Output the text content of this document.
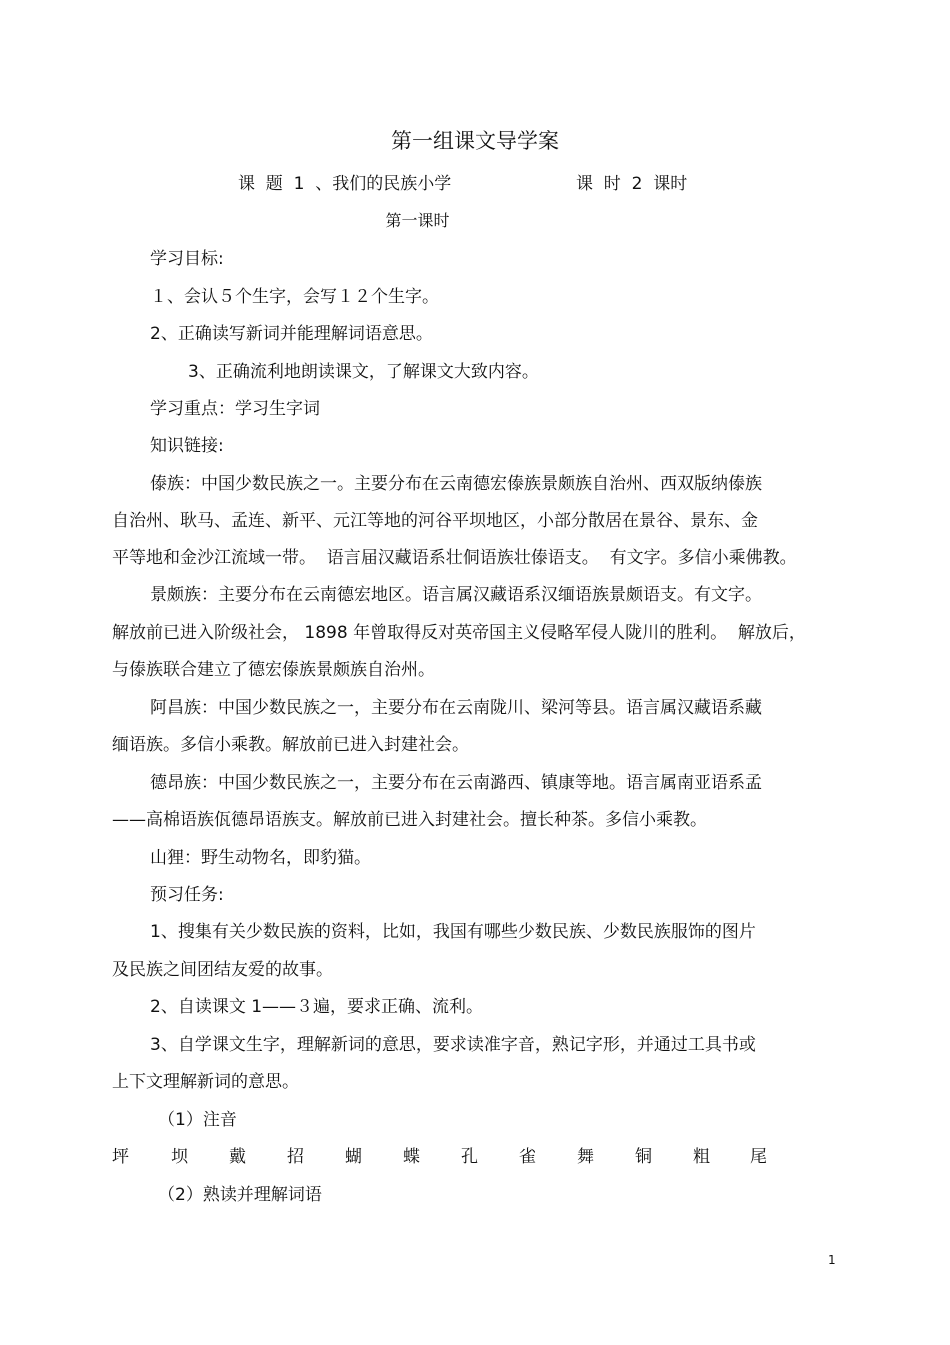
第一组课文导学案
课  题  1  、我们的民族小学	课  时  2  课时
第一课时
学习目标:
１、会认５个生字，会写１２个生字。
2、正确读写新词并能理解词语意思。
3、正确流利地朗读课文，了解课文大致内容。
学习重点：学习生字词
知识链接:
傣族：中国少数民族之一。主要分布在云南德宏傣族景颇族自治州、西双版纳傣族
自治州、耿马、孟连、新平、元江等地的河谷平坝地区，小部分散居在景谷、景东、金
平等地和金沙江流域一带。  语言届汉藏语系壮侗语族壮傣语支。  有文字。多信小乘佛教。
景颇族：主要分布在云南德宏地区。语言属汉藏语系汉缅语族景颇语支。有文字。
解放前已进入阶级社会， 1898 年曾取得反对英帝国主义侵略军侵人陇川的胜利。  解放后，
与傣族联合建立了德宏傣族景颇族自治州。
阿昌族：中国少数民族之一，主要分布在云南陇川、梁河等县。语言属汉藏语系藏
缅语族。多信小乘教。解放前已进入封建社会。
德昂族：中国少数民族之一，主要分布在云南潞西、镇康等地。语言属南亚语系孟
——高棉语族佤德昂语族支。解放前已进入封建社会。擅长种茶。多信小乘教。
山狸：野生动物名，即豹猫。
预习任务:
1、搜集有关少数民族的资料，比如，我国有哪些少数民族、少数民族服饰的图片
及民族之间团结友爱的故事。
2、自读课文 1——３遍，要求正确、流利。
3、自学课文生字，理解新词的意思，要求读准字音，熟记字形，并通过工具书或
上下文理解新词的意思。
（1）注音
坪 坝 戴 招 蝴 蝶 孔 雀 舞 铜 粗 尾
（2）熟读并理解词语
1
